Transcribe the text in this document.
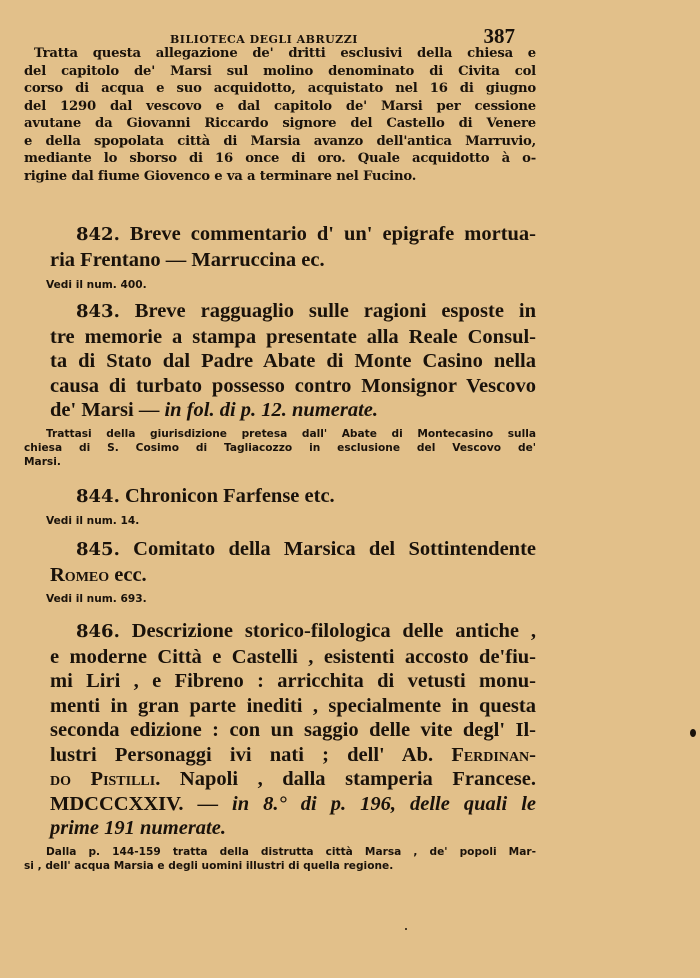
BILIOTECA DEGLI ABRUZZI	387
Tratta questa allegazione de' dritti esclusivi della chiesa e
del capitolo de' Marsi sul molino denominato di Civita col
corso di acqua e suo acquidotto, acquistato nel 16 di giugno
del 1290 dal vescovo e dal capitolo de' Marsi per cessione
avutane da Giovanni Riccardo signore del Castello di Venere
e della spopolata città di Marsia avanzo dell'antica Marruvio,
mediante lo sborso di 16 once di oro. Quale acquidotto à o-
rigine dal fiume Giovenco e va a terminare nel Fucino.
842. Breve commentario d' un' epigrafe mortua-
ria Frentano — Marruccina ec.
Vedi il num. 400.
843. Breve ragguaglio sulle ragioni esposte in
tre memorie a stampa presentate alla Reale Consul-
ta di Stato dal Padre Abate di Monte Casino nella
causa di turbato possesso contro Monsignor Vescovo
de' Marsi — in fol. di p. 12. numerate.
Trattasi della giurisdizione pretesa dall' Abate di Montecasino sulla
chiesa di S. Cosimo di Tagliacozzo in esclusione del Vescovo de'
Marsi.
844. Chronicon Farfense etc.
Vedi il num. 14.
845. Comitato della Marsica del Sottintendente
Romeo ecc.
Vedi il num. 693.
846. Descrizione storico-filologica delle antiche ,
e moderne Città e Castelli , esistenti accosto de'fiu-
mi Liri , e Fibreno : arricchita di vetusti monu-
menti in gran parte inediti , specialmente in questa
seconda edizione : con un saggio delle vite degl' Il-
lustri Personaggi ivi nati ; dell' Ab. Ferdinan-
do Pistilli. Napoli , dalla stamperia Francese.
MDCCCXXIV. — in 8.° di p. 196, delle quali le
prime 191 numerate.
Dalla p. 144-159 tratta della distrutta città Marsa , de' popoli Mar-
si , dell' acqua Marsia e degli uomini illustri di quella regione.
